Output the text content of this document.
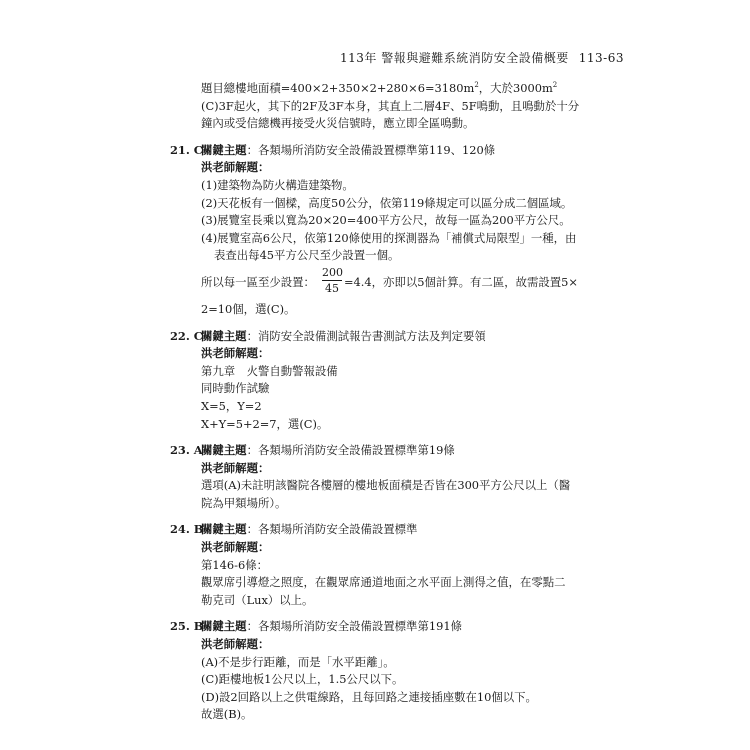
113年 警報與避難系統消防安全設備概要 113-63
題目總樓地面積$=400\times 2+350\times 2+280\times 6=3180m^2$，大於$3000m^2$
(C)3F起火，其下的2F及3F本身，其直上二層4F、5F鳴動，且鳴動於十分
鐘內或受信總機再接受火災信號時，應立即全區鳴動。
21. C關鍵主題：各類場所消防安全設備設置標準第119、120條
洪老師解題：
(1)建築物為防火構造建築物。
(2)天花板有一個樑，高度50公分，依第119條規定可以區分成二個區域。
(3)展覽室長乘以寬為20×20=400平方公尺，故每一區為200平方公尺。
(4)展覽室高6公尺，依第120條使用的探測器為「補償式局限型」一種，由
表查出每45平方公尺至少設置一個。
所以每一區至少設置： $\frac{200}{45} =4.4$，亦即以5個計算。有二區，故需設置5×
2=10個，選(C)。
22. C關鍵主題：消防安全設備測試報告書測試方法及判定要領
洪老師解題：
第九章　火警自動警報設備
同時動作試驗
X=5，Y=2
X+Y=5+2=7，選(C)。
23. A關鍵主題：各類場所消防安全設備設置標準第19條
洪老師解題：
選項(A)未註明該醫院各樓層的樓地板面積是否皆在300平方公尺以上（醫
院為甲類場所）。
24. B關鍵主題：各類場所消防安全設備設置標準
洪老師解題：
第146-6條：
觀眾席引導燈之照度，在觀眾席通道地面之水平面上測得之值，在零點二
勒克司（Lux）以上。
25. B關鍵主題：各類場所消防安全設備設置標準第191條
洪老師解題：
(A)不是步行距離，而是「水平距離」。
(C)距樓地板1公尺以上，1.5公尺以下。
(D)設2回路以上之供電線路，且每回路之連接插座數在10個以下。
故選(B)。
